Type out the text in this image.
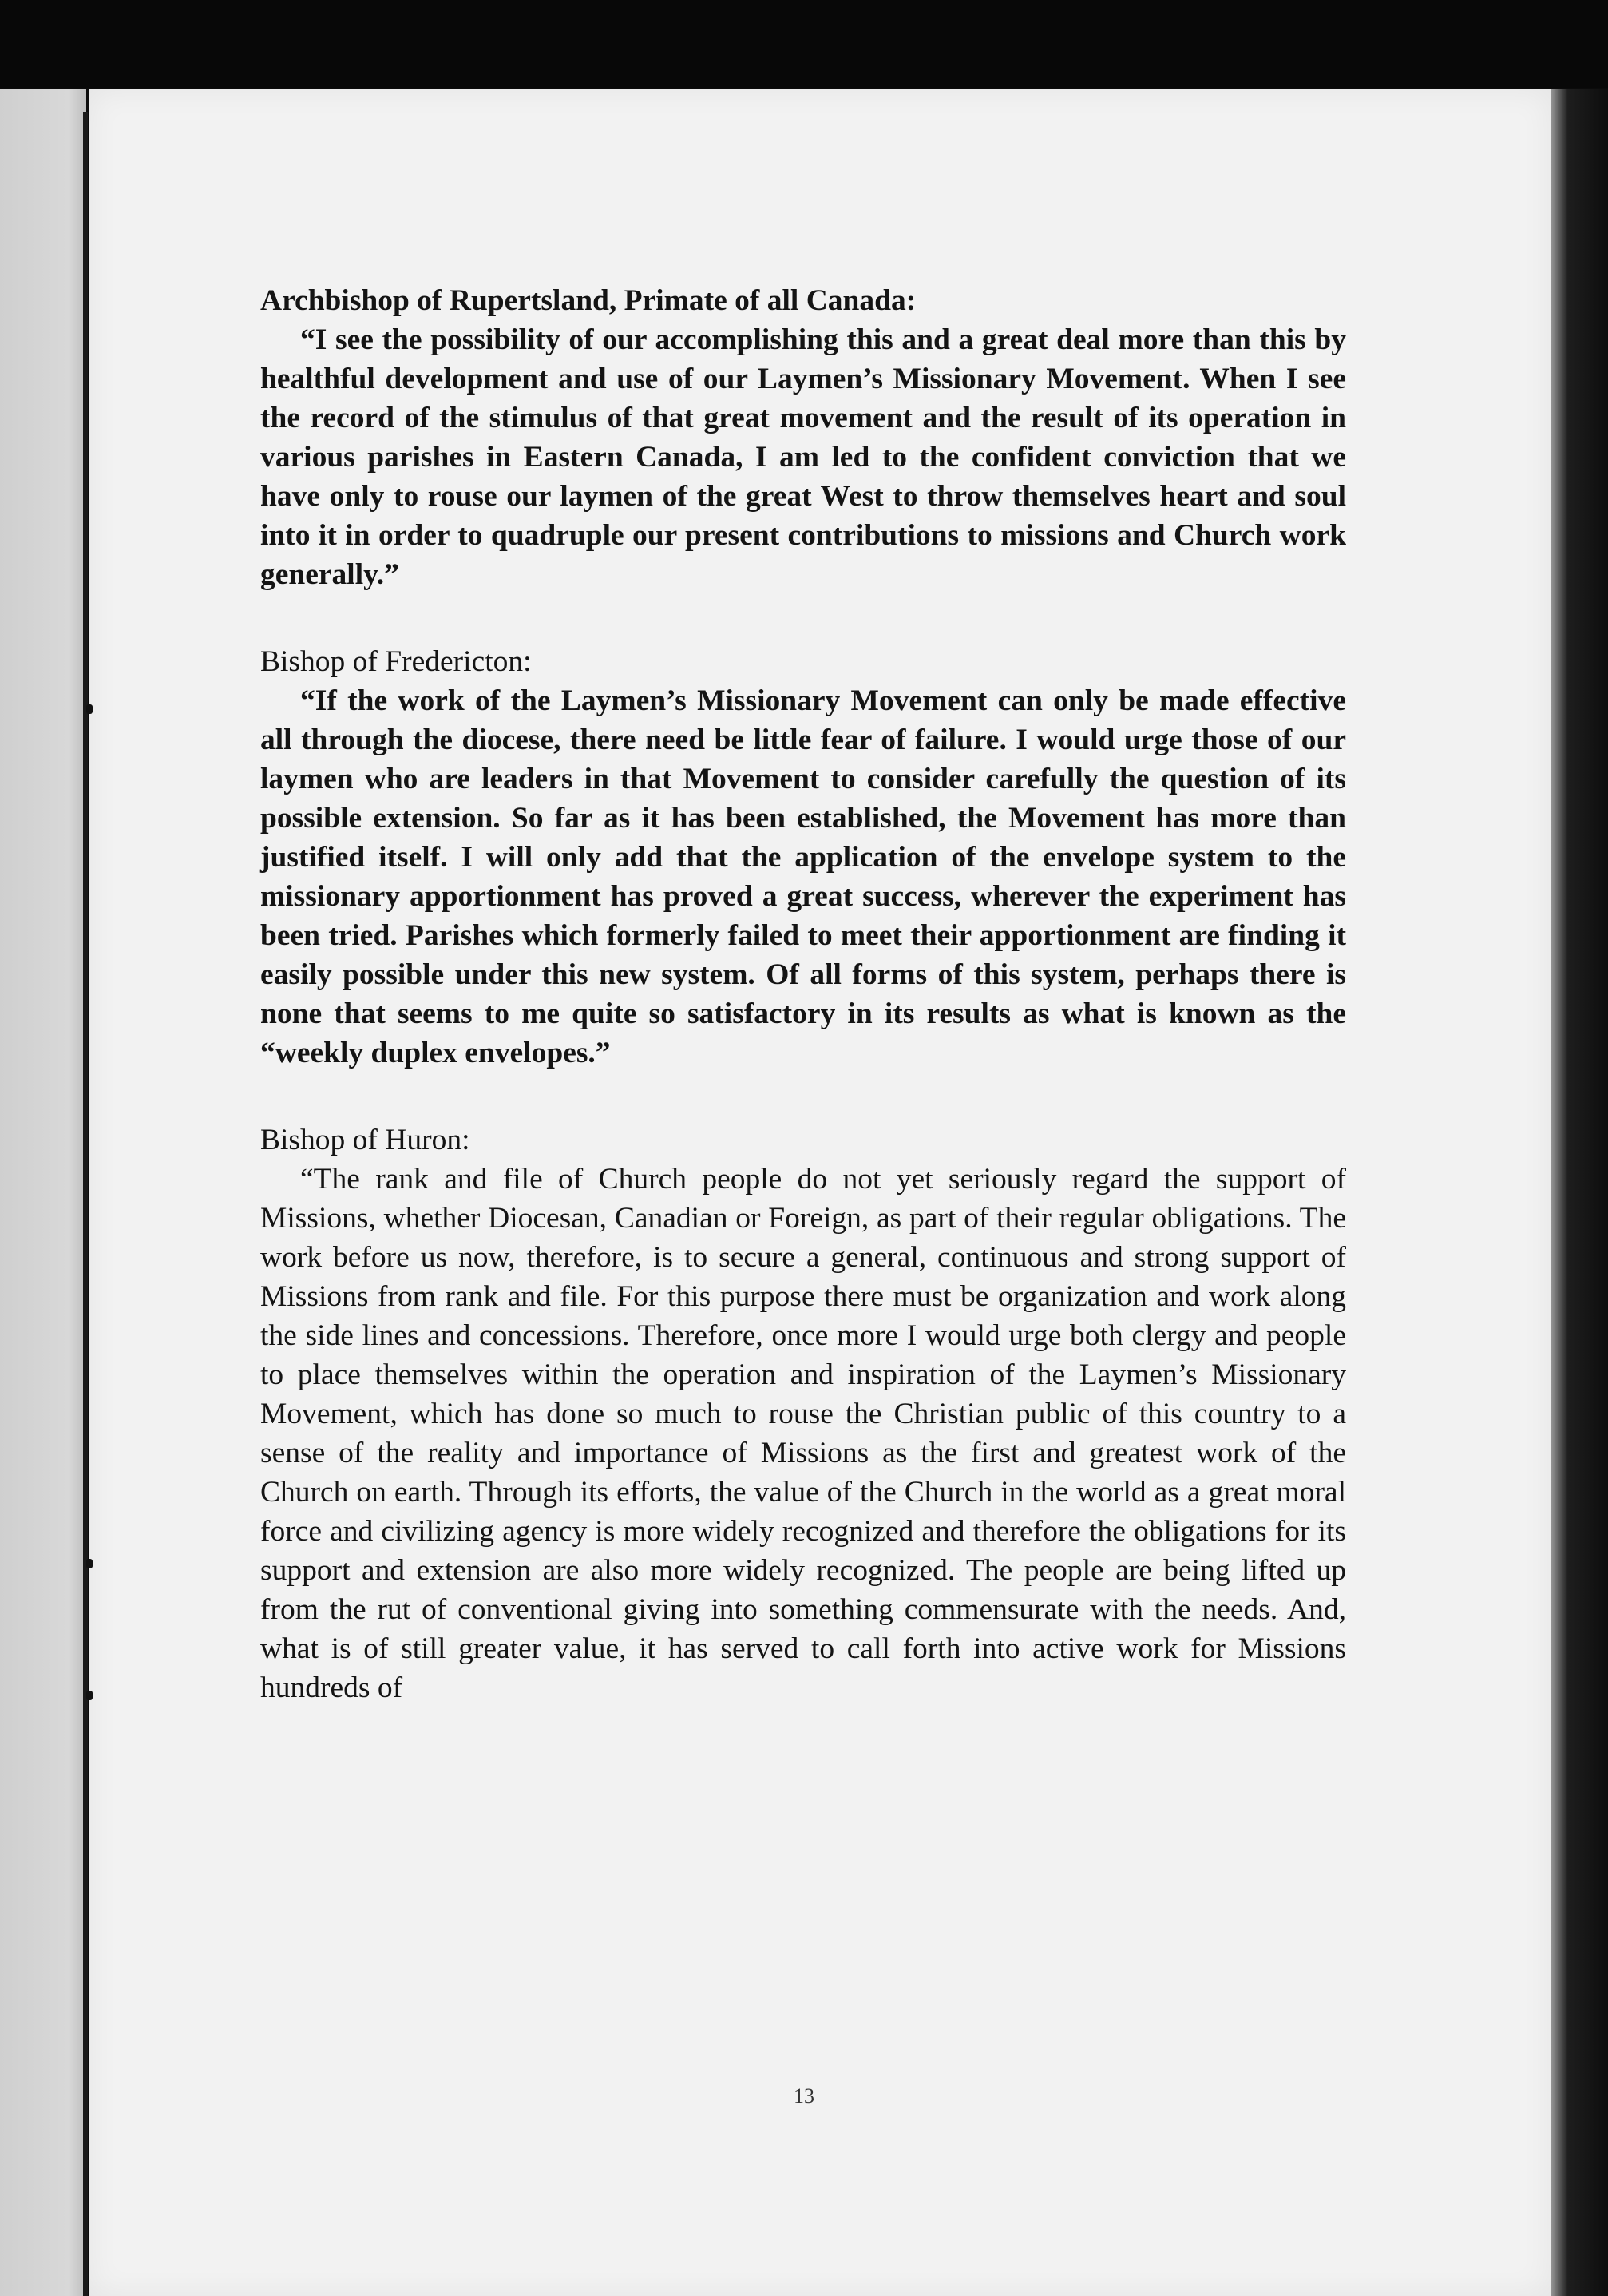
Archbishop of Rupertsland, Primate of all Canada:

“I see the possibility of our accomplishing this and a great deal more than this by healthful development and use of our Laymen’s Missionary Movement. When I see the record of the stimulus of that great movement and the result of its operation in various parishes in Eastern Canada, I am led to the confident conviction that we have only to rouse our laymen of the great West to throw themselves heart and soul into it in order to quadruple our present contributions to missions and Church work generally.”

Bishop of Fredericton:

“If the work of the Laymen’s Missionary Movement can only be made effective all through the diocese, there need be little fear of failure. I would urge those of our laymen who are leaders in that Movement to consider carefully the question of its possible extension. So far as it has been established, the Movement has more than justified itself. I will only add that the application of the envelope system to the missionary apportionment has proved a great success, wherever the experiment has been tried. Parishes which formerly failed to meet their apportionment are finding it easily possible under this new system. Of all forms of this system, perhaps there is none that seems to me quite so satisfactory in its results as what is known as the “weekly duplex envelopes.”

Bishop of Huron:

“The rank and file of Church people do not yet seriously regard the support of Missions, whether Diocesan, Canadian or Foreign, as part of their regular obligations. The work before us now, therefore, is to secure a general, continuous and strong support of Missions from rank and file. For this purpose there must be organization and work along the side lines and concessions. Therefore, once more I would urge both clergy and people to place themselves within the operation and inspiration of the Laymen’s Missionary Movement, which has done so much to rouse the Christian public of this country to a sense of the reality and importance of Missions as the first and greatest work of the Church on earth. Through its efforts, the value of the Church in the world as a great moral force and civilizing agency is more widely recognized and therefore the obligations for its support and extension are also more widely recognized. The people are being lifted up from the rut of conventional giving into something commensurate with the needs. And, what is of still greater value, it has served to call forth into active work for Missions hundreds of

13
